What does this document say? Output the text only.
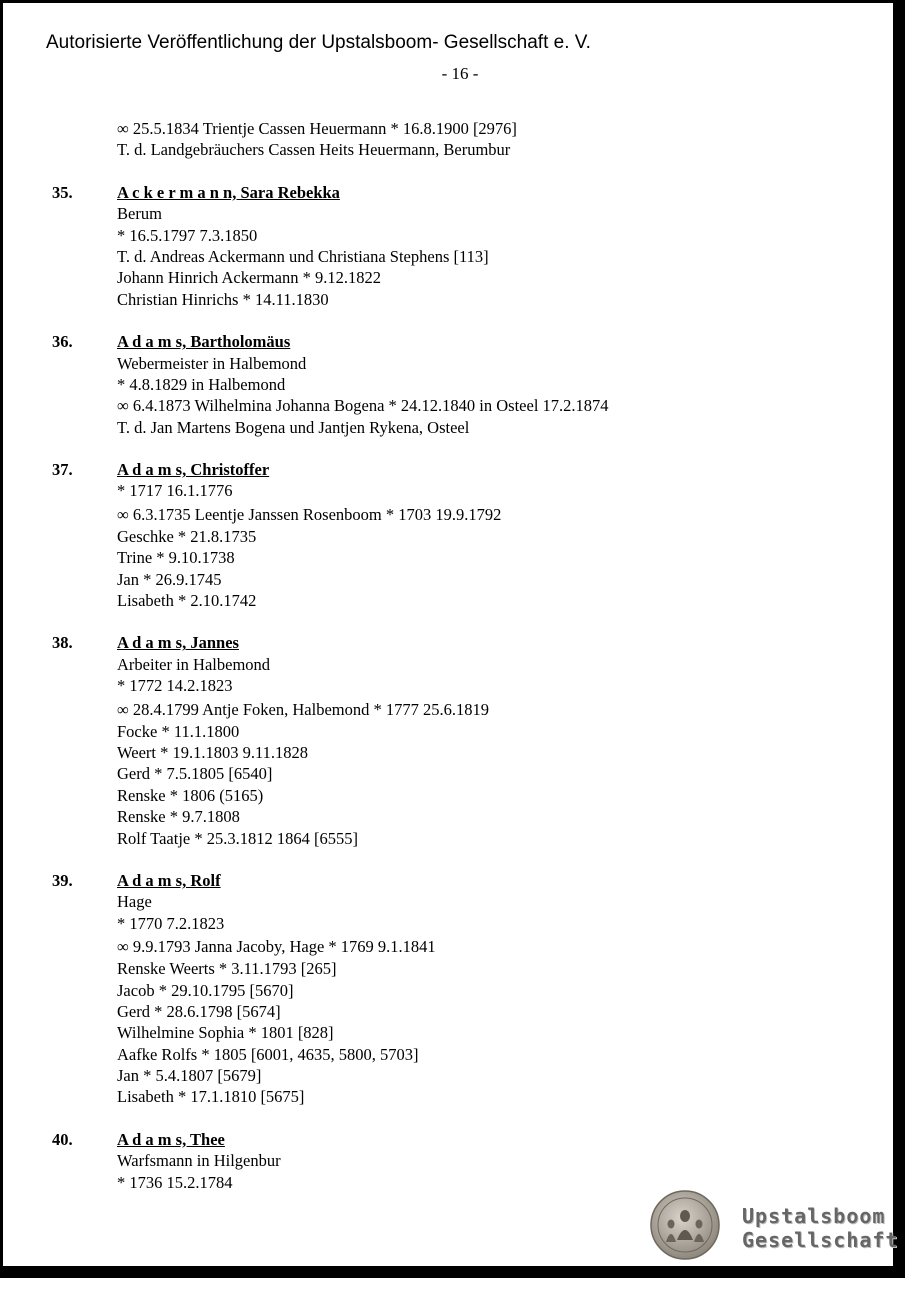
Autorisierte Veröffentlichung der Upstalsboom- Gesellschaft e. V.
- 16 -
∞ 25.5.1834 Trientje Cassen Heuermann * 16.8.1900 [2976]
T. d. Landgebräuchers Cassen Heits Heuermann, Berumbur
35.	A c k e r m a n n, Sara Rebekka
Berum
* 16.5.1797 7.3.1850
T. d. Andreas Ackermann und Christiana Stephens [113]
Johann Hinrich Ackermann * 9.12.1822
Christian Hinrichs * 14.11.1830
36.	A d a m s, Bartholomäus
Webermeister in Halbemond
* 4.8.1829 in Halbemond
∞ 6.4.1873 Wilhelmina Johanna Bogena * 24.12.1840 in Osteel 17.2.1874
T. d. Jan Martens Bogena und Jantjen Rykena, Osteel
37.	A d a m s, Christoffer
* 1717 16.1.1776
∞ 6.3.1735 Leentje Janssen Rosenboom * 1703 19.9.1792
Geschke * 21.8.1735
Trine * 9.10.1738
Jan * 26.9.1745
Lisabeth * 2.10.1742
38.	A d a m s, Jannes
Arbeiter in Halbemond
* 1772 14.2.1823
∞ 28.4.1799 Antje Foken, Halbemond * 1777 25.6.1819
Focke * 11.1.1800
Weert * 19.1.1803 9.11.1828
Gerd * 7.5.1805 [6540]
Renske * 1806 (5165)
Renske * 9.7.1808
Rolf Taatje * 25.3.1812 1864 [6555]
39.	A d a m s, Rolf
Hage
* 1770 7.2.1823
∞ 9.9.1793 Janna Jacoby, Hage * 1769 9.1.1841
Renske Weerts * 3.11.1793 [265]
Jacob * 29.10.1795 [5670]
Gerd * 28.6.1798 [5674]
Wilhelmine Sophia * 1801 [828]
Aafke Rolfs * 1805 [6001, 4635, 5800, 5703]
Jan * 5.4.1807 [5679]
Lisabeth * 17.1.1810 [5675]
40.	A d a m s, Thee
Warfsmann in Hilgenbur
* 1736 15.2.1784
Upstalsboom
Gesellschaft
